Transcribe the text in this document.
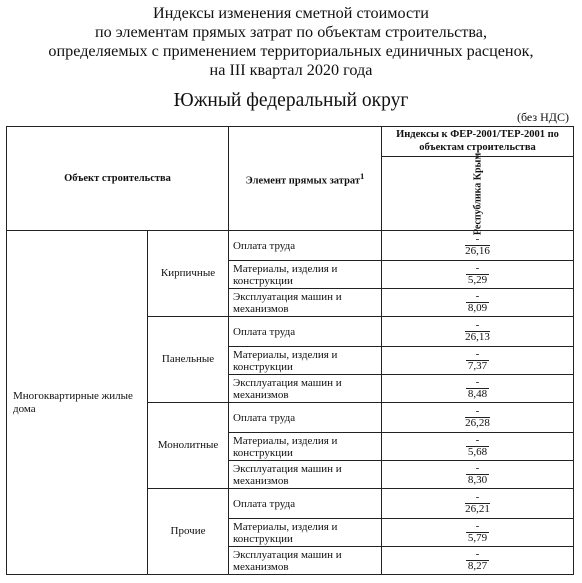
Индексы изменения сметной стоимости
по элементам прямых затрат по объектам строительства,
определяемых с применением территориальных единичных расценок,
на III квартал 2020 года
Южный федеральный округ
(без НДС)
Объект строительства		Элемент прямых затрат$^1$	Индексы к ФЕР-2001/ТЕР-2001 по объектам строительства

			Республика Крым

Многоквартирные жилые дома	Кирпичные	Оплата труда	$\frac{-}{26,16}$

		Материалы, изделия и конструкции	$\frac{-}{5,29}$

		Эксплуатация машин и механизмов	$\frac{-}{8,09}$

	Панельные	Оплата труда	$\frac{-}{26,13}$

		Материалы, изделия и конструкции	$\frac{-}{7,37}$

		Эксплуатация машин и механизмов	$\frac{-}{8,48}$

	Монолитные	Оплата труда	$\frac{-}{26,28}$

		Материалы, изделия и конструкции	$\frac{-}{5,68}$

		Эксплуатация машин и механизмов	$\frac{-}{8,30}$

	Прочие	Оплата труда	$\frac{-}{26,21}$

		Материалы, изделия и конструкции	$\frac{-}{5,79}$

		Эксплуатация машин и механизмов	$\frac{-}{8,27}$
